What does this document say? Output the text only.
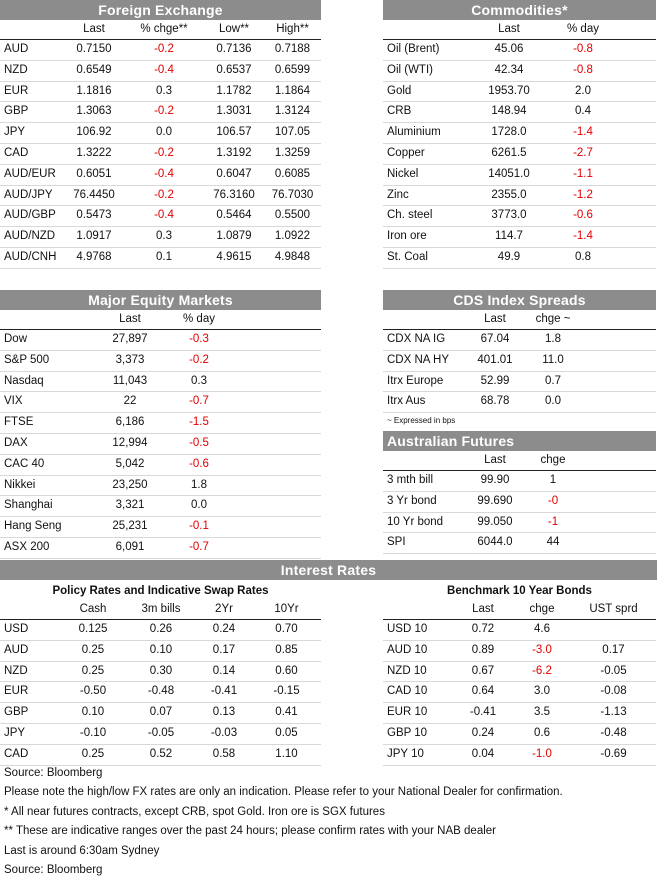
Foreign Exchange
	Last	% chge**	Low**	High**
AUD	0.7150	-0.2	0.7136	0.7188
NZD	0.6549	-0.4	0.6537	0.6599
EUR	1.1816	0.3	1.1782	1.1864
GBP	1.3063	-0.2	1.3031	1.3124
JPY	106.92	0.0	106.57	107.05
CAD	1.3222	-0.2	1.3192	1.3259
AUD/EUR	0.6051	-0.4	0.6047	0.6085
AUD/JPY	76.4450	-0.2	76.3160	76.7030
AUD/GBP	0.5473	-0.4	0.5464	0.5500
AUD/NZD	1.0917	0.3	1.0879	1.0922
AUD/CNH	4.9768	0.1	4.9615	4.9848
Commodities*
	Last	% day	
Oil (Brent)	45.06	-0.8	
Oil (WTI)	42.34	-0.8	
Gold	1953.70	2.0	
CRB	148.94	0.4	
Aluminium	1728.0	-1.4	
Copper	6261.5	-2.7	
Nickel	14051.0	-1.1	
Zinc	2355.0	-1.2	
Ch. steel	3773.0	-0.6	
Iron ore	114.7	-1.4	
St. Coal	49.9	0.8	
Major Equity Markets
	Last	% day	
Dow	27,897	-0.3	
S&P 500	3,373	-0.2	
Nasdaq	11,043	0.3	
VIX	22	-0.7	
FTSE	6,186	-1.5	
DAX	12,994	-0.5	
CAC 40	5,042	-0.6	
Nikkei	23,250	1.8	
Shanghai	3,321	0.0	
Hang Seng	25,231	-0.1	
ASX 200	6,091	-0.7	
CDS Index Spreads
	Last	chge ~	
CDX NA IG	67.04	1.8	
CDX NA HY	401.01	11.0	
Itrx Europe	52.99	0.7	
Itrx Aus	68.78	0.0	
~ Expressed in bps
Australian Futures
	Last	chge	
3 mth bill	99.90	1	
3 Yr bond	99.690	-0	
10 Yr bond	99.050	-1	
SPI	6044.0	44	
Interest Rates
Policy Rates and Indicative Swap Rates
	Cash	3m bills	2Yr	10Yr
USD	0.125	0.26	0.24	0.70
AUD	0.25	0.10	0.17	0.85
NZD	0.25	0.30	0.14	0.60
EUR	-0.50	-0.48	-0.41	-0.15
GBP	0.10	0.07	0.13	0.41
JPY	-0.10	-0.05	-0.03	0.05
CAD	0.25	0.52	0.58	1.10
Benchmark 10 Year Bonds
	Last	chge	UST sprd
USD 10	0.72	4.6	
AUD 10	0.89	-3.0	0.17
NZD 10	0.67	-6.2	-0.05
CAD 10	0.64	3.0	-0.08
EUR 10	-0.41	3.5	-1.13
GBP 10	0.24	0.6	-0.48
JPY 10	0.04	-1.0	-0.69
Source: Bloomberg
Please note the high/low FX rates are only an indication. Please refer to your National Dealer for confirmation.
* All near futures contracts, except CRB, spot Gold. Iron ore is SGX futures
** These are indicative ranges over the past 24 hours; please confirm rates with your NAB dealer
Last is around 6:30am Sydney
Source: Bloomberg
